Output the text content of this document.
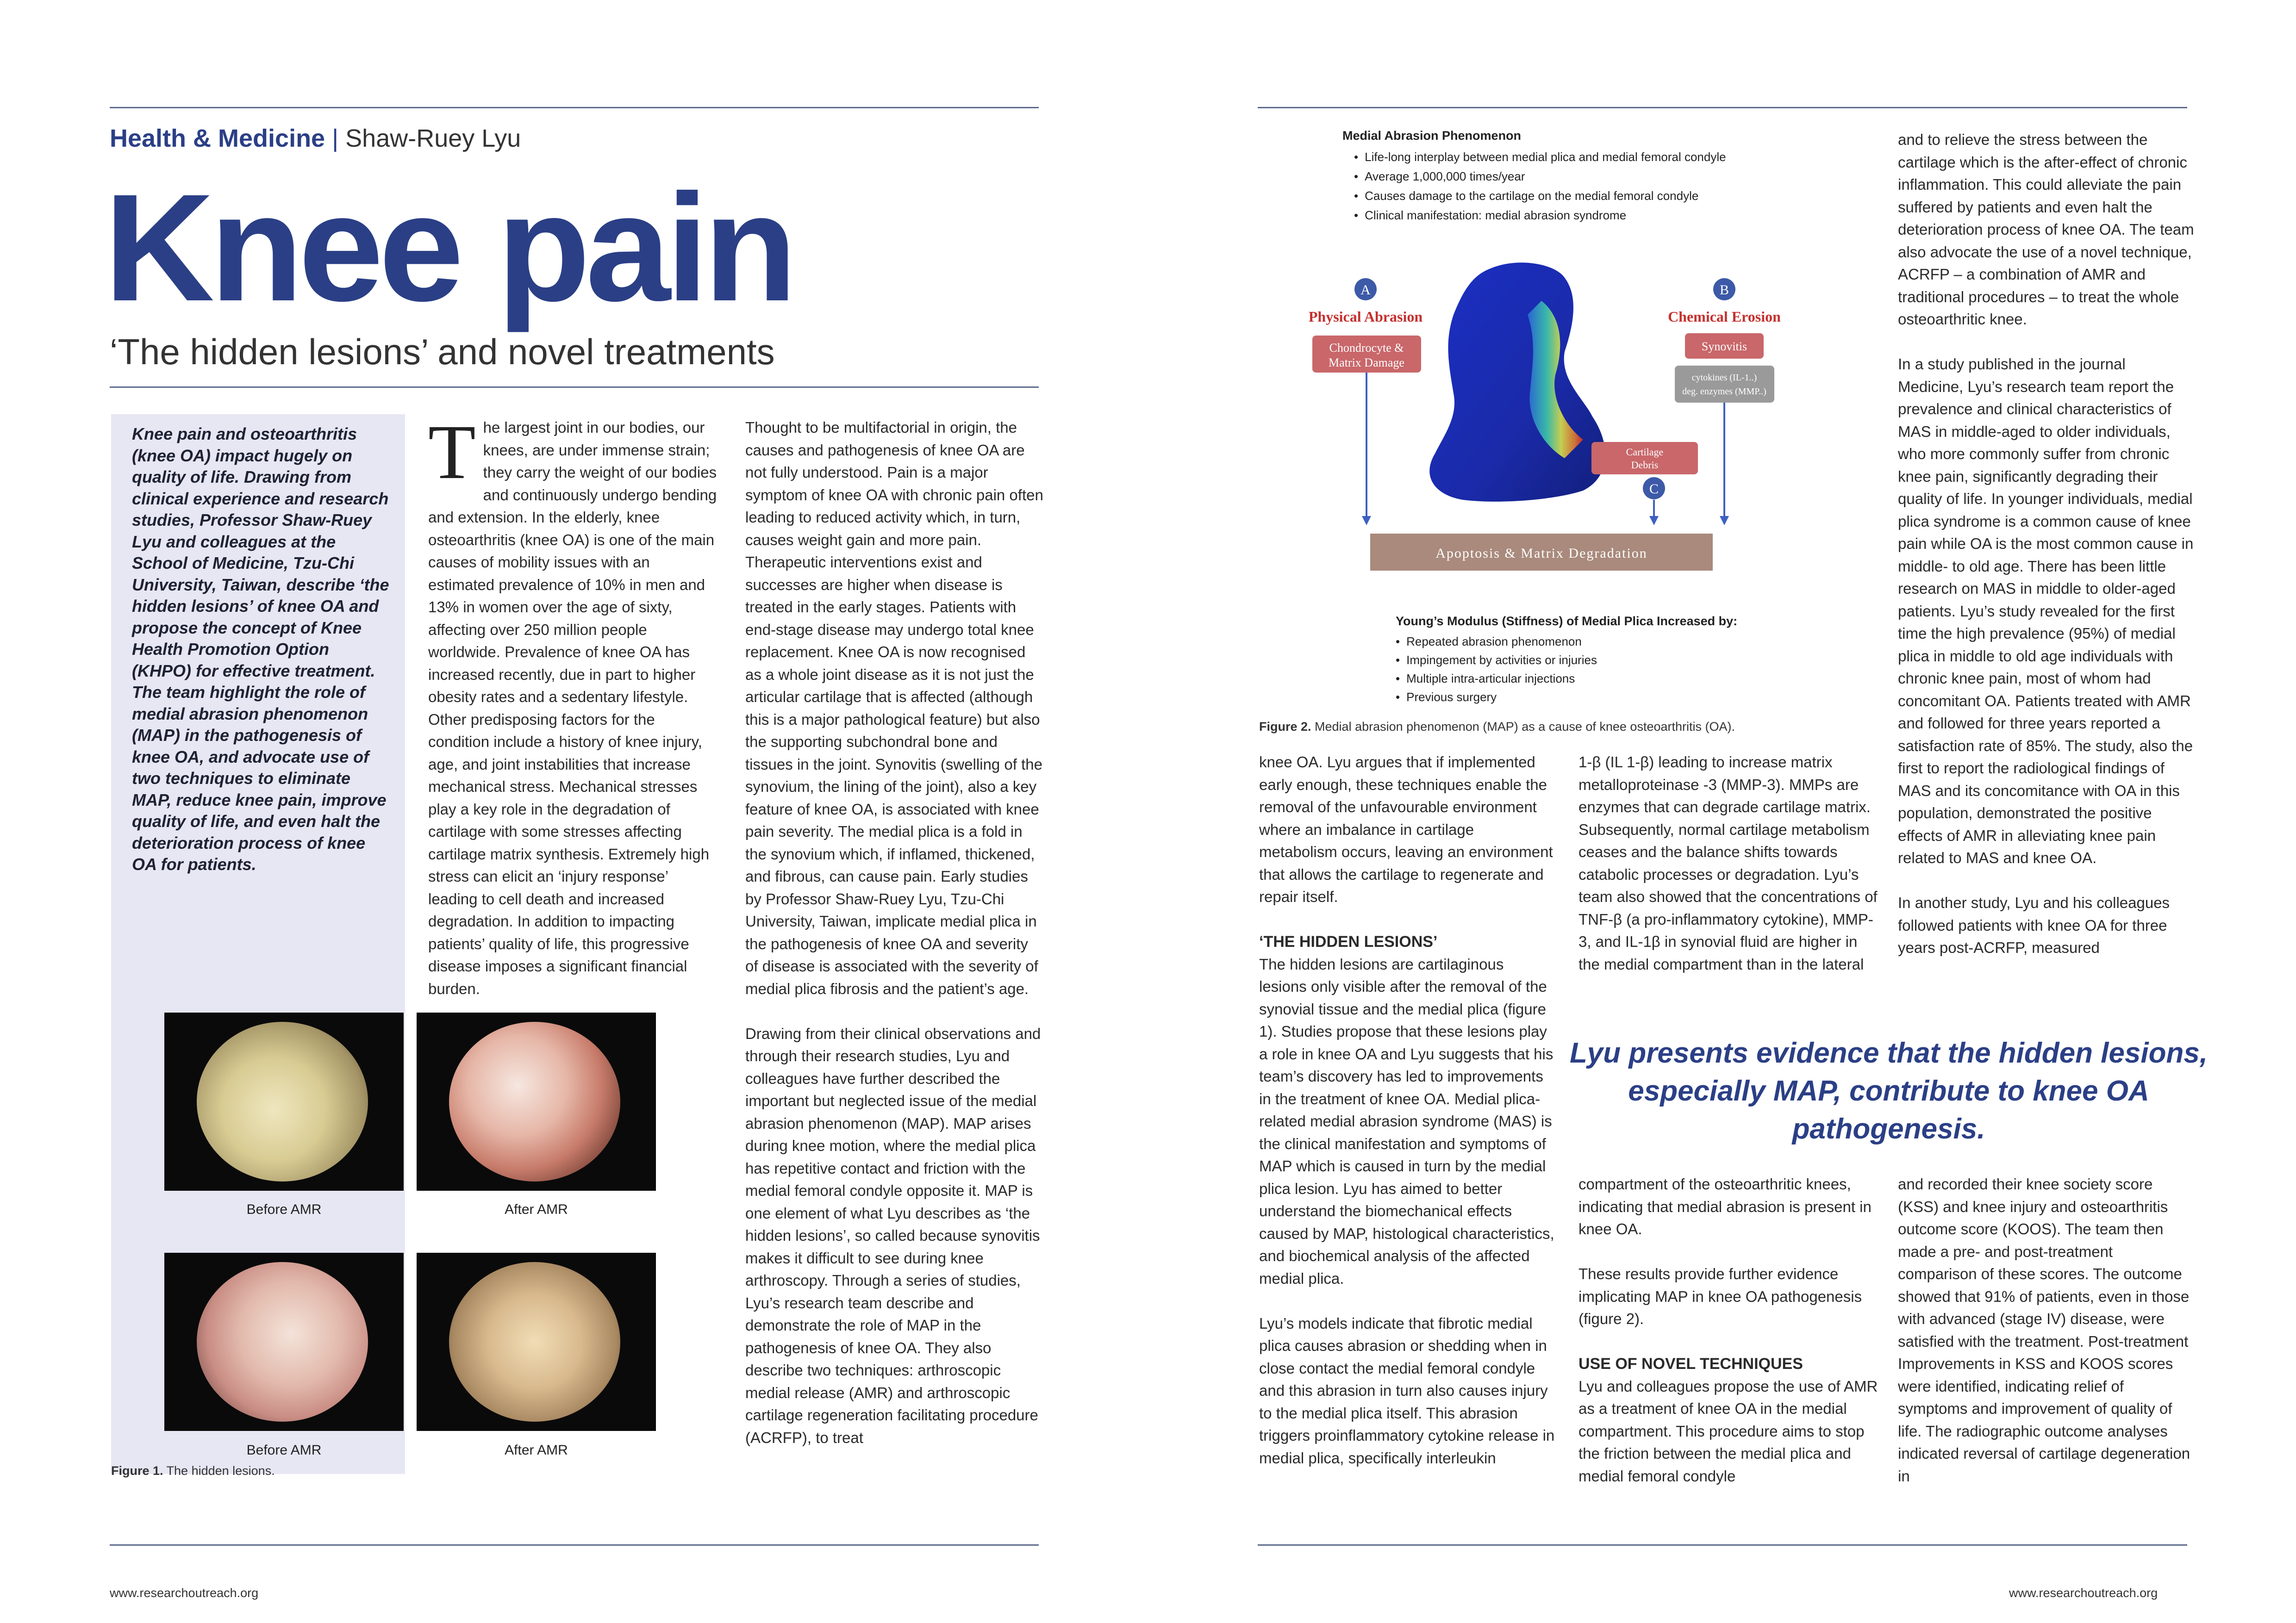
Health & Medicine | Shaw-Ruey Lyu
Knee pain
‘The hidden lesions’ and novel treatments
Knee pain and osteoarthritis (knee OA) impact hugely on quality of life. Drawing from clinical experience and research studies, Professor Shaw-Ruey Lyu and colleagues at the School of Medicine, Tzu-Chi University, Taiwan, describe ‘the hidden lesions’ of knee OA and propose the concept of Knee Health Promotion Option (KHPO) for effective treatment. The team highlight the role of medial abrasion phenomenon (MAP) in the pathogenesis of knee OA, and advocate use of two techniques to eliminate MAP, reduce knee pain, improve quality of life, and even halt the deterioration process of knee OA for patients.

The largest joint in our bodies, our knees, are under immense strain; they carry the weight of our bodies and continuously undergo bending and extension. In the elderly, knee osteoarthritis (knee OA) is one of the main causes of mobility issues with an estimated prevalence of 10% in men and 13% in women over the age of sixty, affecting over 250 million people worldwide. Prevalence of knee OA has increased recently, due in part to higher obesity rates and a sedentary lifestyle. Other predisposing factors for the condition include a history of knee injury, age, and joint instabilities that increase mechanical stress. Mechanical stresses play a key role in the degradation of cartilage with some stresses affecting cartilage matrix synthesis. Extremely high stress can elicit an ‘injury response’ leading to cell death and increased degradation. In addition to impacting patients’ quality of life, this progressive disease imposes a significant financial burden.

Thought to be multifactorial in origin, the causes and pathogenesis of knee OA are not fully understood. Pain is a major symptom of knee OA with chronic pain often leading to reduced activity which, in turn, causes weight gain and more pain. Therapeutic interventions exist and successes are higher when disease is treated in the early stages. Patients with end-stage disease may undergo total knee replacement. Knee OA is now recognised as a whole joint disease as it is not just the articular cartilage that is affected (although this is a major pathological feature) but also the supporting subchondral bone and tissues in the joint. Synovitis (swelling of the synovium, the lining of the joint), also a key feature of knee OA, is associated with knee pain severity. The medial plica is a fold in the synovium which, if inflamed, thickened, and fibrous, can cause pain. Early studies by Professor Shaw-Ruey Lyu, Tzu-Chi University, Taiwan, implicate medial plica in the pathogenesis of knee OA and severity of disease is associated with the severity of medial plica fibrosis and the patient’s age.

Drawing from their clinical observations and through their research studies, Lyu and colleagues have further described the important but neglected issue of the medial abrasion phenomenon (MAP). MAP arises during knee motion, where the medial plica has repetitive contact and friction with the medial femoral condyle opposite it. MAP is one element of what Lyu describes as ‘the hidden lesions’, so called because synovitis makes it difficult to see during knee arthroscopy. Through a series of studies, Lyu’s research team describe and demonstrate the role of MAP in the pathogenesis of knee OA. They also describe two techniques: arthroscopic medial release (AMR) and arthroscopic cartilage regeneration facilitating procedure (ACRFP), to treat

Before AMR	After AMR
Before AMR	After AMR
Figure 1. The hidden lesions.
www.researchoutreach.org
Medial Abrasion Phenomenon
• Life-long interplay between medial plica and medial femoral condyle
• Average 1,000,000 times/year
• Causes damage to the cartilage on the medial femoral condyle
• Clinical manifestation: medial abrasion syndrome
A
Physical Abrasion
Chondrocyte &
Matrix Damage
B
Chemical Erosion
Synovitis
cytokines (IL-1..)
deg. enzymes (MMP..)
Cartilage
Debris
C
Apoptosis & Matrix Degradation
Young’s Modulus (Stiffness) of Medial Plica Increased by:
• Repeated abrasion phenomenon
• Impingement by activities or injuries
• Multiple intra-articular injections
• Previous surgery
Figure 2. Medial abrasion phenomenon (MAP) as a cause of knee osteoarthritis (OA).

knee OA. Lyu argues that if implemented early enough, these techniques enable the removal of the unfavourable environment where an imbalance in cartilage metabolism occurs, leaving an environment that allows the cartilage to regenerate and repair itself.

‘THE HIDDEN LESIONS’

The hidden lesions are cartilaginous lesions only visible after the removal of the synovial tissue and the medial plica (figure 1). Studies propose that these lesions play a role in knee OA and Lyu suggests that his team’s discovery has led to improvements in the treatment of knee OA. Medial plica-related medial abrasion syndrome (MAS) is the clinical manifestation and symptoms of MAP which is caused in turn by the medial plica lesion. Lyu has aimed to better understand the biomechanical effects caused by MAP, histological characteristics, and biochemical analysis of the affected medial plica.

Lyu’s models indicate that fibrotic medial plica causes abrasion or shedding when in close contact the medial femoral condyle and this abrasion in turn also causes injury to the medial plica itself. This abrasion triggers proinflammatory cytokine release in medial plica, specifically interleukin

1-β (IL 1-β) leading to increase matrix metalloproteinase -3 (MMP-3). MMPs are enzymes that can degrade cartilage matrix. Subsequently, normal cartilage metabolism ceases and the balance shifts towards catabolic processes or degradation. Lyu’s team also showed that the concentrations of TNF-β (a pro-inflammatory cytokine), MMP-3, and IL-1β in synovial fluid are higher in the medial compartment than in the lateral

Lyu presents evidence that the hidden lesions, especially MAP, contribute to knee OA pathogenesis.

compartment of the osteoarthritic knees, indicating that medial abrasion is present in knee OA.

These results provide further evidence implicating MAP in knee OA pathogenesis (figure 2).

USE OF NOVEL TECHNIQUES

Lyu and colleagues propose the use of AMR as a treatment of knee OA in the medial compartment. This procedure aims to stop the friction between the medial plica and medial femoral condyle

and to relieve the stress between the cartilage which is the after-effect of chronic inflammation. This could alleviate the pain suffered by patients and even halt the deterioration process of knee OA. The team also advocate the use of a novel technique, ACRFP – a combination of AMR and traditional procedures – to treat the whole osteoarthritic knee.

In a study published in the journal Medicine, Lyu’s research team report the prevalence and clinical characteristics of MAS in middle-aged to older individuals, who more commonly suffer from chronic knee pain, significantly degrading their quality of life. In younger individuals, medial plica syndrome is a common cause of knee pain while OA is the most common cause in middle- to old age. There has been little research on MAS in middle to older-aged patients. Lyu’s study revealed for the first time the high prevalence (95%) of medial plica in middle to old age individuals with chronic knee pain, most of whom had concomitant OA. Patients treated with AMR and followed for three years reported a satisfaction rate of 85%. The study, also the first to report the radiological findings of MAS and its concomitance with OA in this population, demonstrated the positive effects of AMR in alleviating knee pain related to MAS and knee OA.

In another study, Lyu and his colleagues followed patients with knee OA for three years post-ACRFP, measured

and recorded their knee society score (KSS) and knee injury and osteoarthritis outcome score (KOOS). The team then made a pre- and post-treatment comparison of these scores. The outcome showed that 91% of patients, even in those with advanced (stage IV) disease, were satisfied with the treatment. Post-treatment Improvements in KSS and KOOS scores were identified, indicating relief of symptoms and improvement of quality of life. The radiographic outcome analyses indicated reversal of cartilage degeneration in

www.researchoutreach.org
